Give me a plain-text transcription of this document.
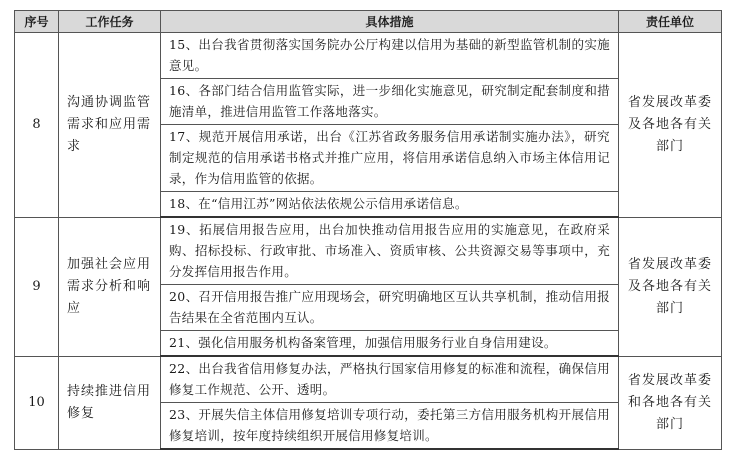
序号	工作任务	具体措施	责任单位
8	沟通协调监管需求和应用需求	15、出台我省贯彻落实国务院办公厅构建以信用为基础的新型监管机制的实施意见。	省发展改革委及各地各有关部门
		16、各部门结合信用监管实际，进一步细化实施意见，研究制定配套制度和措施清单，推进信用监管工作落地落实。	
		17、规范开展信用承诺，出台《江苏省政务服务信用承诺制实施办法》，研究制定规范的信用承诺书格式并推广应用，将信用承诺信息纳入市场主体信用记录，作为信用监管的依据。	
		18、在“信用江苏”网站依法依规公示信用承诺信息。	
9	加强社会应用需求分析和响应	19、拓展信用报告应用，出台加快推动信用报告应用的实施意见，在政府采购、招标投标、行政审批、市场准入、资质审核、公共资源交易等事项中，充分发挥信用报告作用。	省发展改革委及各地各有关部门
		20、召开信用报告推广应用现场会，研究明确地区互认共享机制，推动信用报告结果在全省范围内互认。	
		21、强化信用服务机构备案管理，加强信用服务行业自身信用建设。	
10	持续推进信用修复	22、出台我省信用修复办法，严格执行国家信用修复的标准和流程，确保信用修复工作规范、公开、透明。	省发展改革委和各地各有关部门
		23、开展失信主体信用修复培训专项行动，委托第三方信用服务机构开展信用修复培训，按年度持续组织开展信用修复培训。	
